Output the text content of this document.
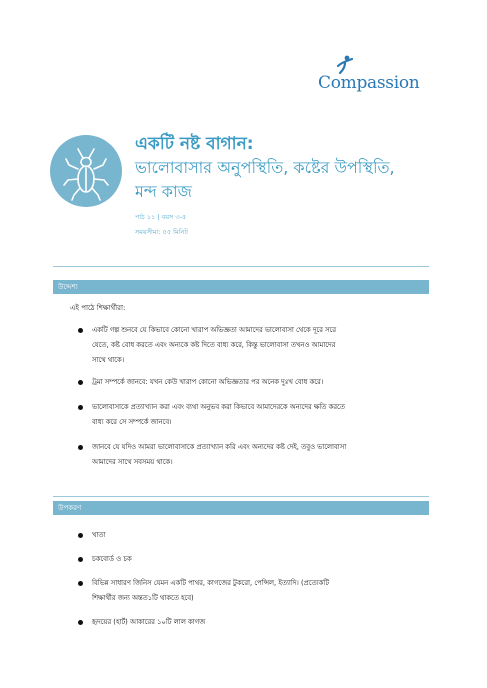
Compassion
একটি নষ্ট বাগান:
ভালোবাসার অনুপস্থিতি, কষ্টের উপস্থিতি,
মন্দ কাজ
পাঠ ১১ | বয়স ৩-৫
সময়সীমা: ৫৫ মিনিট
উদ্দেশ্য
এই পাঠে শিক্ষার্থীরা:
একটি গল্প শুনবে যে কিভাবে কোনো খারাপ অভিজ্ঞতা আমাদের ভালোবাসা থেকে দূরে সরে
যেতে, কষ্ট বোধ করতে এবং অন্যকে কষ্ট দিতে বাধ্য করে, কিন্তু ভালোবাসা তখনও আমাদের
সাথে থাকে।
ট্রমা সম্পর্কে জানবে: যখন কেউ খারাপ কোনো অভিজ্ঞতার পর অনেক দুঃখ বোধ করে।
ভালোবাসাকে প্রত্যাখ্যান করা এবং ব্যথা অনুভব করা কিভাবে আমাদেরকে অন্যদের ক্ষতি করতে
বাধ্য করে সে সম্পর্কে জানবে।
জানবে যে যদিও আমরা ভালোবাসাকে প্রত্যাখ্যান করি এবং অন্যদের কষ্ট দেই, তবুও ভালোবাসা
আমাদের সাথে সবসময় থাকে।
উপকরণ
খাতা
চকবোর্ড ও চক
বিভিন্ন সাধারণ জিনিস যেমন একটি পাথর, কাগজের টুকরো, পেন্সিল, ইত্যাদি। (প্রত্যেকটি
শিক্ষার্থীর জন্য অন্তত১টি থাকতে হবে)
হৃদয়ের (হার্ট) আকারের ১০টি লাল কাগজ
